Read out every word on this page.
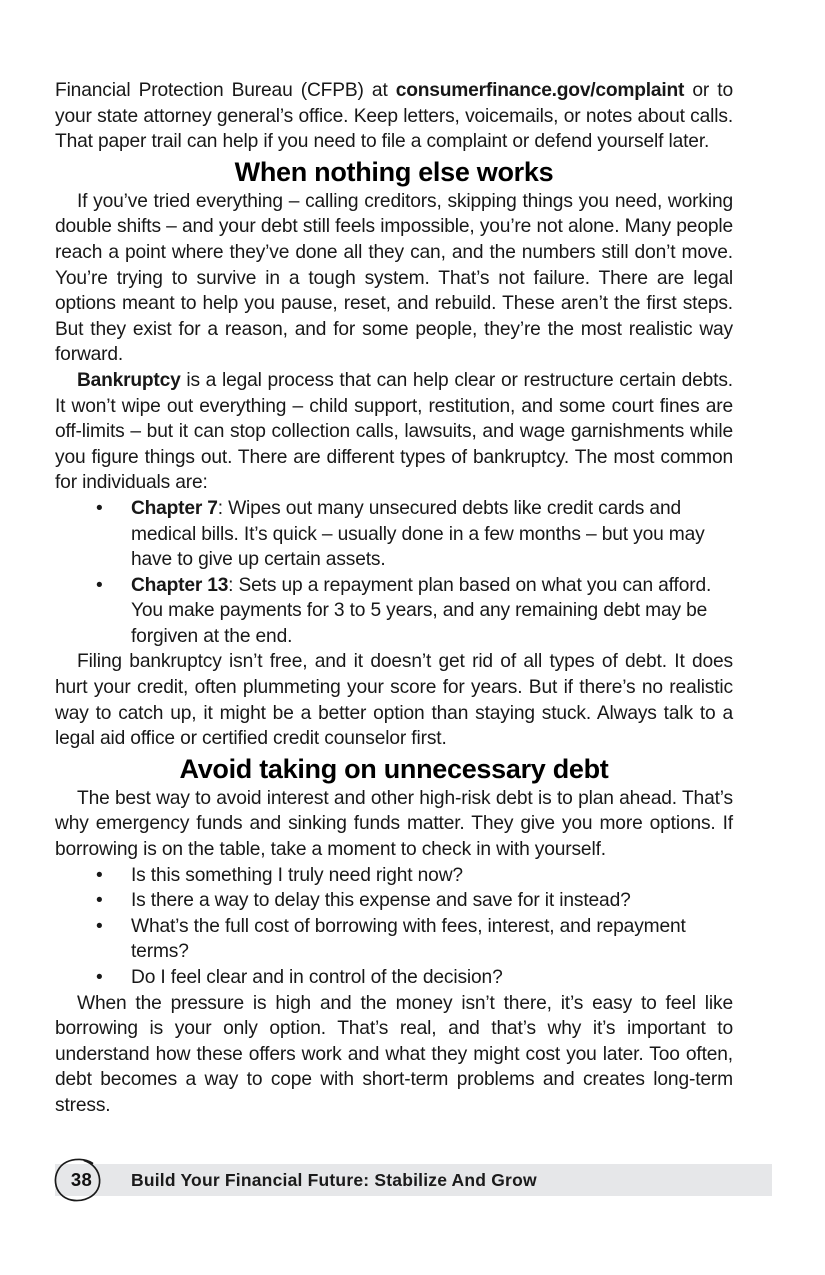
Financial Protection Bureau (CFPB) at consumerfinance.gov/complaint or to your state attorney general’s office. Keep letters, voicemails, or notes about calls. That paper trail can help if you need to file a complaint or defend yourself later.

When nothing else works

If you’ve tried everything – calling creditors, skipping things you need, working double shifts – and your debt still feels impossible, you’re not alone. Many people reach a point where they’ve done all they can, and the numbers still don’t move. You’re trying to survive in a tough system. That’s not failure. There are legal options meant to help you pause, reset, and rebuild. These aren’t the first steps. But they exist for a reason, and for some people, they’re the most realistic way forward.

Bankruptcy is a legal process that can help clear or restructure certain debts. It won’t wipe out everything – child support, restitution, and some court fines are off-limits – but it can stop collection calls, lawsuits, and wage garnishments while you figure things out. There are different types of bankruptcy. The most common for individuals are:

• Chapter 7: Wipes out many unsecured debts like credit cards and medical bills. It’s quick – usually done in a few months – but you may have to give up certain assets.
• Chapter 13: Sets up a repayment plan based on what you can afford. You make payments for 3 to 5 years, and any remaining debt may be forgiven at the end.

Filing bankruptcy isn’t free, and it doesn’t get rid of all types of debt. It does hurt your credit, often plummeting your score for years. But if there’s no realistic way to catch up, it might be a better option than staying stuck. Always talk to a legal aid office or certified credit counselor first.

Avoid taking on unnecessary debt

The best way to avoid interest and other high-risk debt is to plan ahead. That’s why emergency funds and sinking funds matter. They give you more options. If borrowing is on the table, take a moment to check in with yourself.

• Is this something I truly need right now?
• Is there a way to delay this expense and save for it instead?
• What’s the full cost of borrowing with fees, interest, and repayment terms?
• Do I feel clear and in control of the decision?

When the pressure is high and the money isn’t there, it’s easy to feel like borrowing is your only option. That’s real, and that’s why it’s important to understand how these offers work and what they might cost you later. Too often, debt becomes a way to cope with short-term problems and creates long-term stress.

38	Build Your Financial Future: Stabilize And Grow
